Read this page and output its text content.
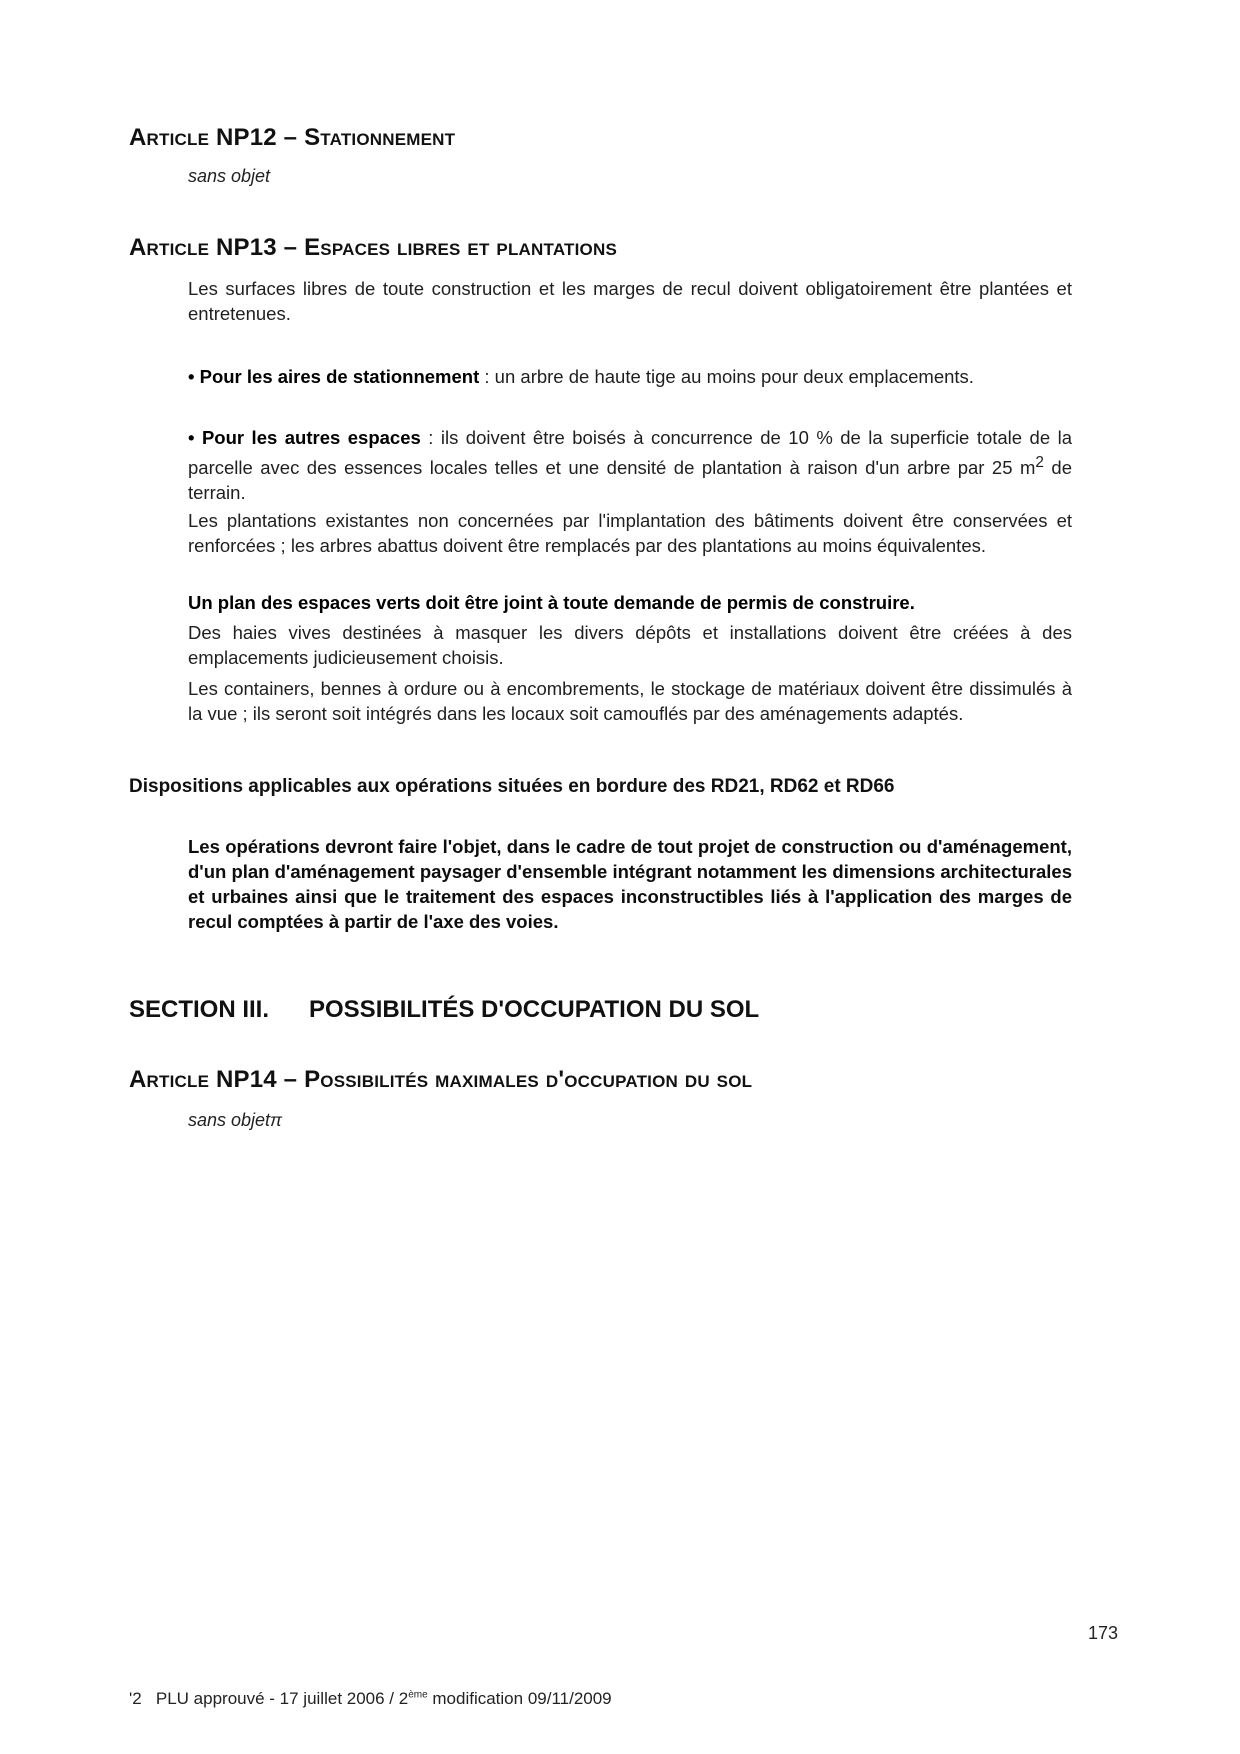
Article NP12 – Stationnement

sans objet

Article NP13 – Espaces libres et plantations

Les surfaces libres de toute construction et les marges de recul doivent obligatoirement être plantées et entretenues.

• Pour les aires de stationnement : un arbre de haute tige au moins pour deux emplacements.

• Pour les autres espaces : ils doivent être boisés à concurrence de 10 % de la superficie totale de la parcelle avec des essences locales telles et une densité de plantation à raison d'un arbre par 25 $m^2$ de terrain.

Les plantations existantes non concernées par l'implantation des bâtiments doivent être conservées et renforcées ; les arbres abattus doivent être remplacés par des plantations au moins équivalentes.

Un plan des espaces verts doit être joint à toute demande de permis de construire.

Des haies vives destinées à masquer les divers dépôts et installations doivent être créées à des emplacements judicieusement choisis.

Les containers, bennes à ordure ou à encombrements, le stockage de matériaux doivent être dissimulés à la vue ; ils seront soit intégrés dans les locaux soit camouflés par des aménagements adaptés.

Dispositions applicables aux opérations situées en bordure des RD21, RD62 et RD66

Les opérations devront faire l'objet, dans le cadre de tout projet de construction ou d'aménagement, d'un plan d'aménagement paysager d'ensemble intégrant notamment les dimensions architecturales et urbaines ainsi que le traitement des espaces inconstructibles liés à l'application des marges de recul comptées à partir de l'axe des voies.

SECTION III. POSSIBILITÉS D'OCCUPATION DU SOL
Article NP14 – Possibilités maximales d'occupation du sol

sans objetπ

173

'2 PLU approuvé - 17 juillet 2006 / 2ème modification 09/11/2009
